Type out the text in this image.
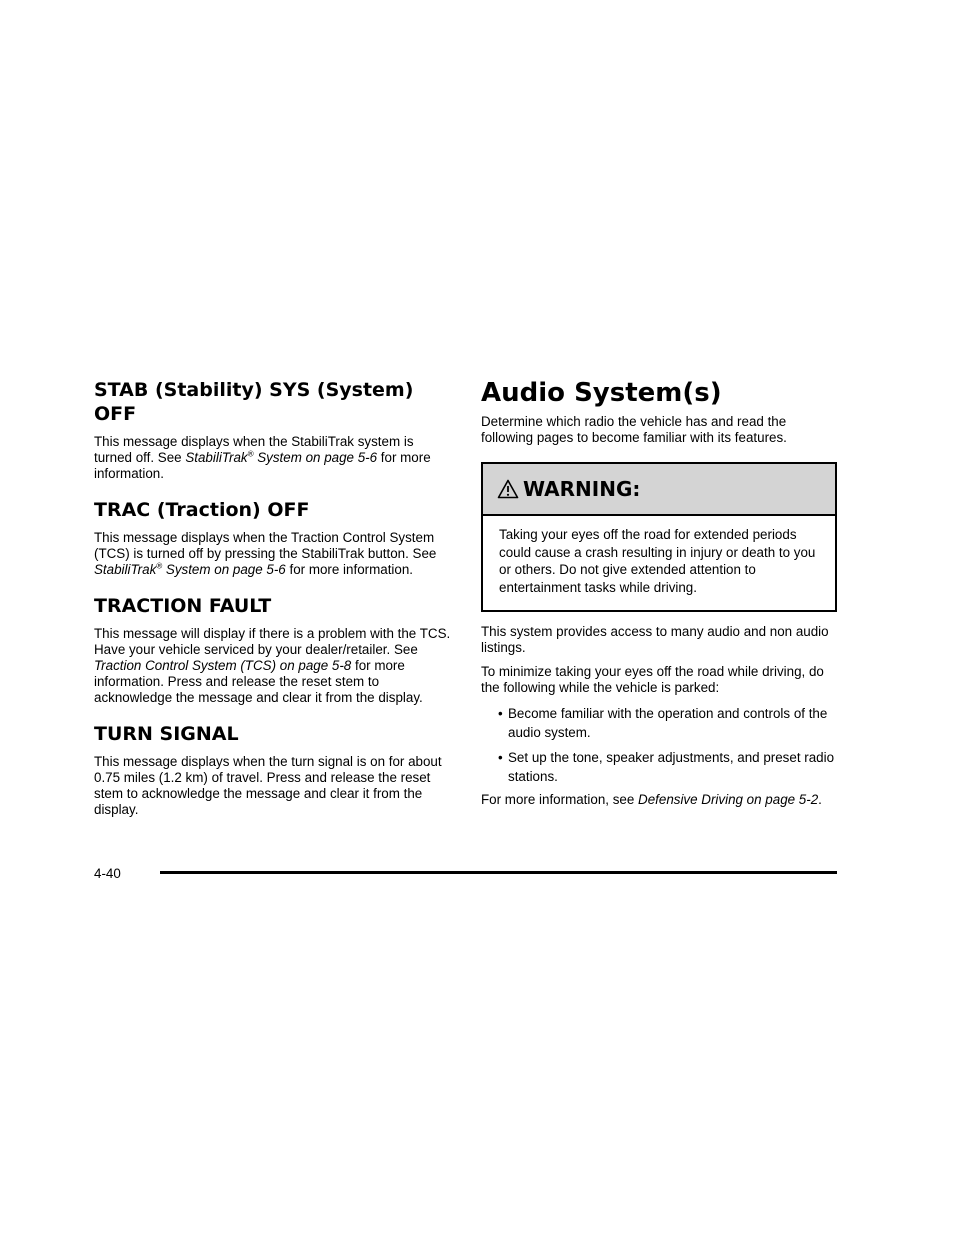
STAB (Stability) SYS (System) OFF

This message displays when the StabiliTrak system is turned off. See StabiliTrak® System on page 5-6 for more information.

TRAC (Traction) OFF

This message displays when the Traction Control System (TCS) is turned off by pressing the StabiliTrak button. See StabiliTrak® System on page 5-6 for more information.

TRACTION FAULT

This message will display if there is a problem with the TCS. Have your vehicle serviced by your dealer/retailer. See Traction Control System (TCS) on page 5-8 for more information. Press and release the reset stem to acknowledge the message and clear it from the display.

TURN SIGNAL

This message displays when the turn signal is on for about 0.75 miles (1.2 km) of travel. Press and release the reset stem to acknowledge the message and clear it from the display.

Audio System(s)

Determine which radio the vehicle has and read the following pages to become familiar with its features.

WARNING:
Taking your eyes off the road for extended periods could cause a crash resulting in injury or death to you or others. Do not give extended attention to entertainment tasks while driving.

This system provides access to many audio and non audio listings.

To minimize taking your eyes off the road while driving, do the following while the vehicle is parked:

• Become familiar with the operation and controls of the audio system.
• Set up the tone, speaker adjustments, and preset radio stations.

For more information, see Defensive Driving on page 5-2.

4-40
